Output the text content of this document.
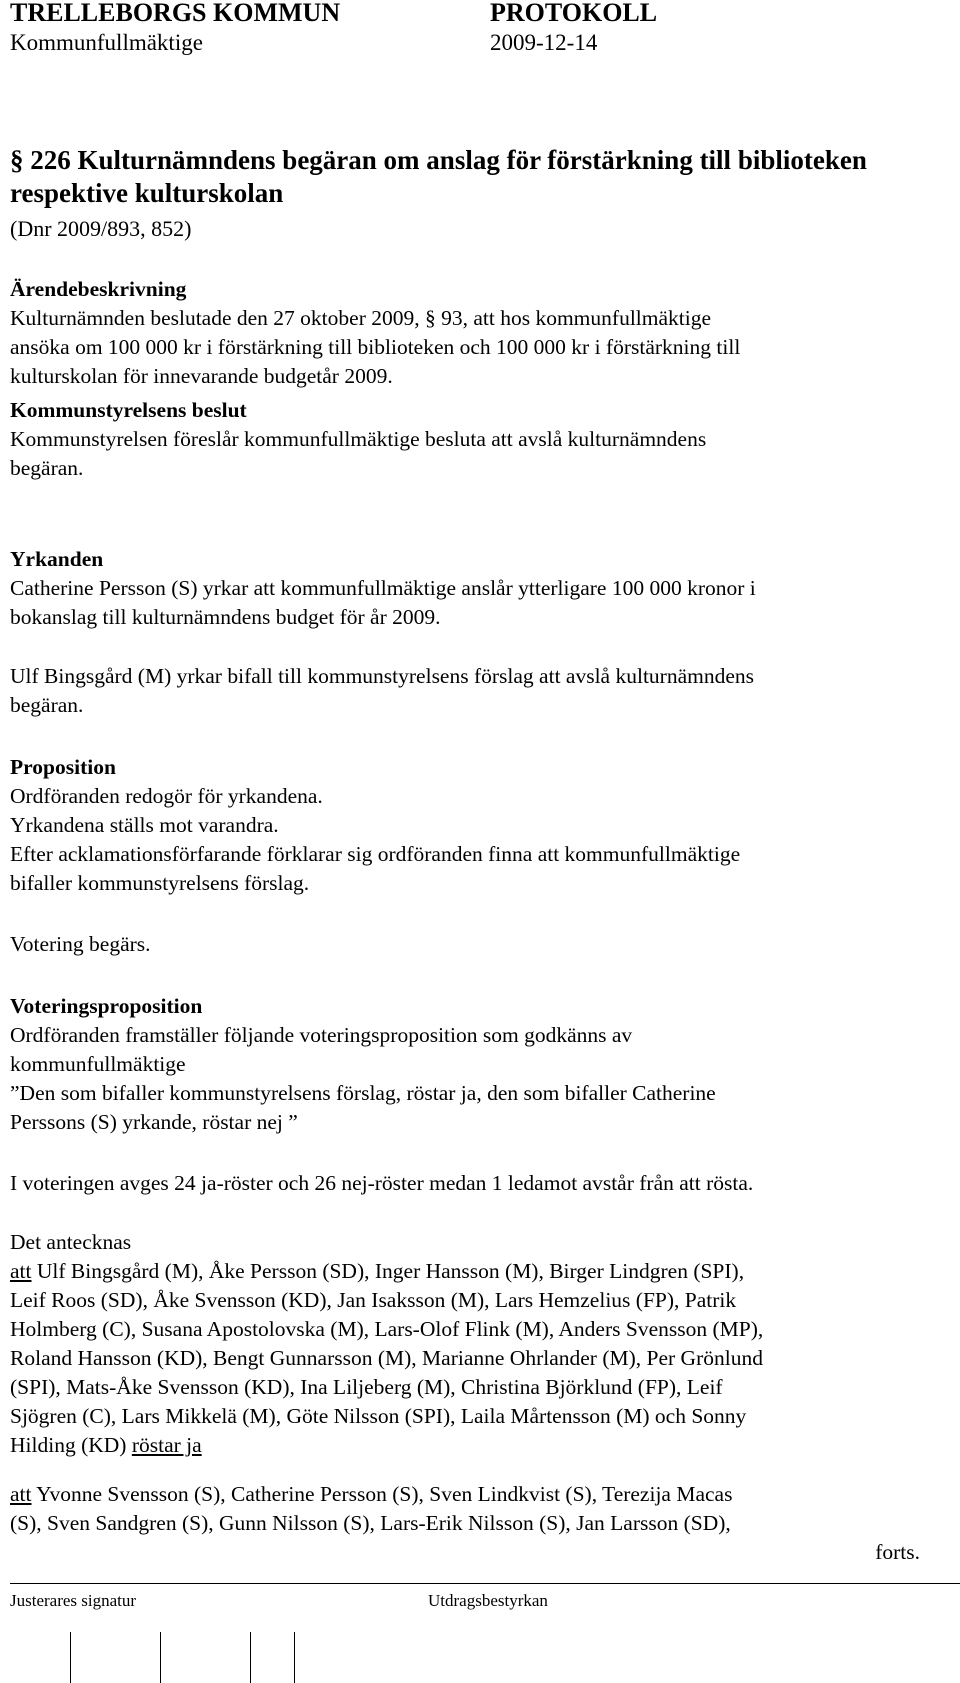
TRELLEBORGS KOMMUN	PROTOKOLL
Kommunfullmäktige	2009-12-14
§ 226 Kulturnämndens begäran om anslag för förstärkning till biblioteken respektive kulturskolan
(Dnr 2009/893, 852)

Ärendebeskrivning

Kulturnämnden beslutade den 27 oktober 2009, § 93, att hos kommunfullmäktige

ansöka om 100 000 kr i förstärkning till biblioteken och 100 000 kr i förstärkning till

kulturskolan för innevarande budgetår 2009.

Kommunstyrelsens beslut

Kommunstyrelsen föreslår kommunfullmäktige besluta att avslå kulturnämndens

begäran.

Yrkanden

Catherine Persson (S) yrkar att kommunfullmäktige anslår ytterligare 100 000 kronor i

bokanslag till kulturnämndens budget för år 2009.

Ulf Bingsgård (M) yrkar bifall till kommunstyrelsens förslag att avslå kulturnämndens

begäran.

Proposition

Ordföranden redogör för yrkandena.

Yrkandena ställs mot varandra.

Efter acklamationsförfarande förklarar sig ordföranden finna att kommunfullmäktige

bifaller kommunstyrelsens förslag.

Votering begärs.

Voteringsproposition

Ordföranden framställer följande voteringsproposition som godkänns av

kommunfullmäktige

”Den som bifaller kommunstyrelsens förslag, röstar ja, den som bifaller Catherine

Perssons (S) yrkande, röstar nej ”

I voteringen avges 24 ja-röster och 26 nej-röster medan 1 ledamot avstår från att rösta.

Det antecknas

att Ulf Bingsgård (M), Åke Persson (SD), Inger Hansson (M), Birger Lindgren (SPI),

Leif Roos (SD), Åke Svensson (KD), Jan Isaksson (M), Lars Hemzelius (FP), Patrik

Holmberg (C), Susana Apostolovska (M), Lars-Olof Flink (M), Anders Svensson (MP),

Roland Hansson (KD), Bengt Gunnarsson (M), Marianne Ohrlander (M), Per Grönlund

(SPI), Mats-Åke Svensson (KD), Ina Liljeberg (M), Christina Björklund (FP), Leif

Sjögren (C), Lars Mikkelä (M), Göte Nilsson (SPI), Laila Mårtensson (M) och Sonny

Hilding (KD) röstar ja

att Yvonne Svensson (S), Catherine Persson (S), Sven Lindkvist (S), Terezija Macas

(S), Sven Sandgren (S), Gunn Nilsson (S), Lars-Erik Nilsson (S), Jan Larsson (SD),

forts.

Justerares signatur	Utdragsbestyrkan
